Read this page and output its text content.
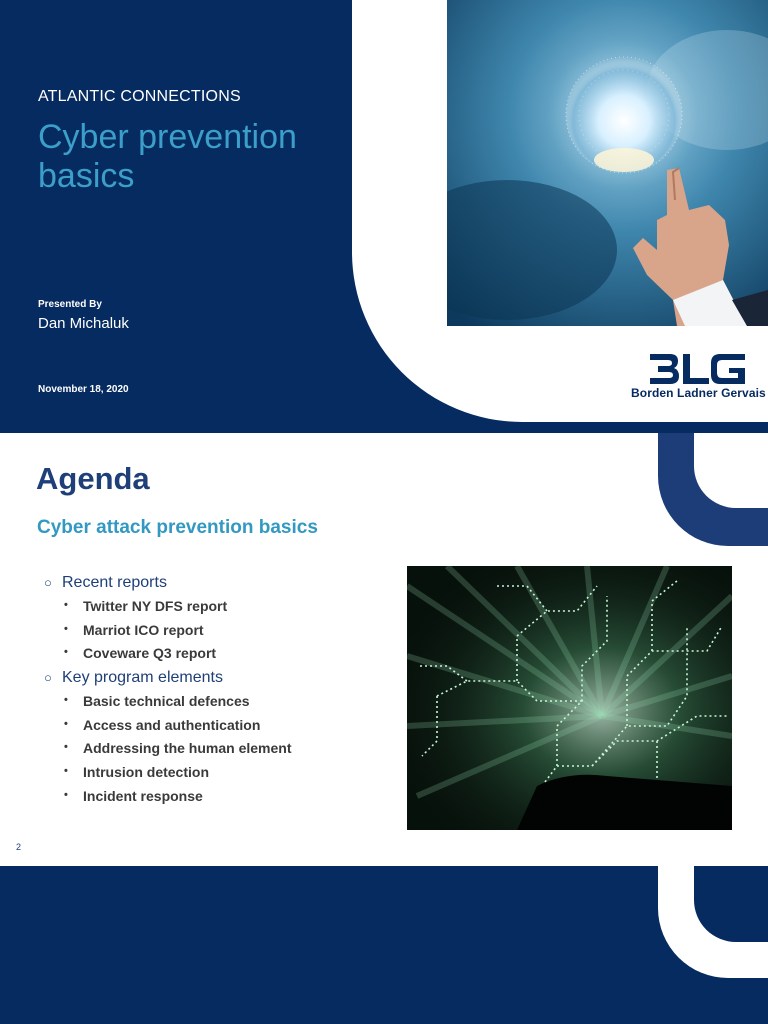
ATLANTIC CONNECTIONS
Cyber prevention basics
Presented By
Dan Michaluk
November 18, 2020	Borden Ladner Gervais
Agenda
Cyber attack prevention basics
○ Recent reports
• Twitter NY DFS report
• Marriot ICO report
• Coveware Q3 report
○ Key program elements
• Basic technical defences
• Access and authentication
• Addressing the human element
• Intrusion detection
• Incident response
2
